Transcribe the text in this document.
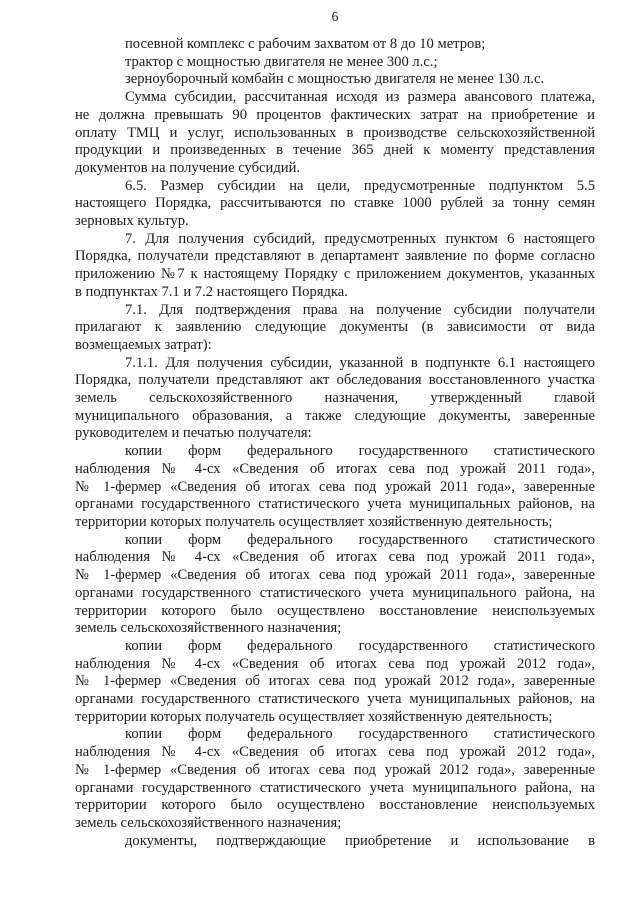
6
посевной комплекс с рабочим захватом от 8 до 10 метров;
трактор с мощностью двигателя не менее 300 л.с.;
зерноуборочный комбайн с мощностью двигателя не менее 130 л.с.
Сумма субсидии, рассчитанная исходя из размера авансового платежа,
не должна превышать 90 процентов фактических затрат на приобретение и
оплату ТМЦ и услуг, использованных в производстве сельскохозяйственной
продукции и произведенных в течение 365 дней к моменту представления
документов на получение субсидий.
6.5. Размер субсидии на цели, предусмотренные подпунктом 5.5
настоящего Порядка, рассчитываются по ставке 1000 рублей за тонну семян
зерновых культур.
7. Для получения субсидий, предусмотренных пунктом 6 настоящего
Порядка, получатели представляют в департамент заявление по форме согласно
приложению №7 к настоящему Порядку с приложением документов, указанных
в подпунктах 7.1 и 7.2 настоящего Порядка.
7.1. Для подтверждения права на получение субсидии получатели
прилагают к заявлению следующие документы (в зависимости от вида
возмещаемых затрат):
7.1.1. Для получения субсидии, указанной в подпункте 6.1 настоящего
Порядка, получатели представляют акт обследования восстановленного участка
земель сельскохозяйственного назначения, утвержденный главой
муниципального образования, а также следующие документы, заверенные
руководителем и печатью получателя:
копии форм федерального государственного статистического
наблюдения № 4-сх «Сведения об итогах сева под урожай 2011 года»,
№ 1-фермер «Сведения об итогах сева под урожай 2011 года», заверенные
органами государственного статистического учета муниципальных районов, на
территории которых получатель осуществляет хозяйственную деятельность;
копии форм федерального государственного статистического
наблюдения № 4-сх «Сведения об итогах сева под урожай 2011 года»,
№ 1-фермер «Сведения об итогах сева под урожай 2011 года», заверенные
органами государственного статистического учета муниципального района, на
территории которого было осуществлено восстановление неиспользуемых
земель сельскохозяйственного назначения;
копии форм федерального государственного статистического
наблюдения № 4-сх «Сведения об итогах сева под урожай 2012 года»,
№ 1-фермер «Сведения об итогах сева под урожай 2012 года», заверенные
органами государственного статистического учета муниципальных районов, на
территории которых получатель осуществляет хозяйственную деятельность;
копии форм федерального государственного статистического
наблюдения № 4-сх «Сведения об итогах сева под урожай 2012 года»,
№ 1-фермер «Сведения об итогах сева под урожай 2012 года», заверенные
органами государственного статистического учета муниципального района, на
территории которого было осуществлено восстановление неиспользуемых
земель сельскохозяйственного назначения;
документы, подтверждающие приобретение и использование в
